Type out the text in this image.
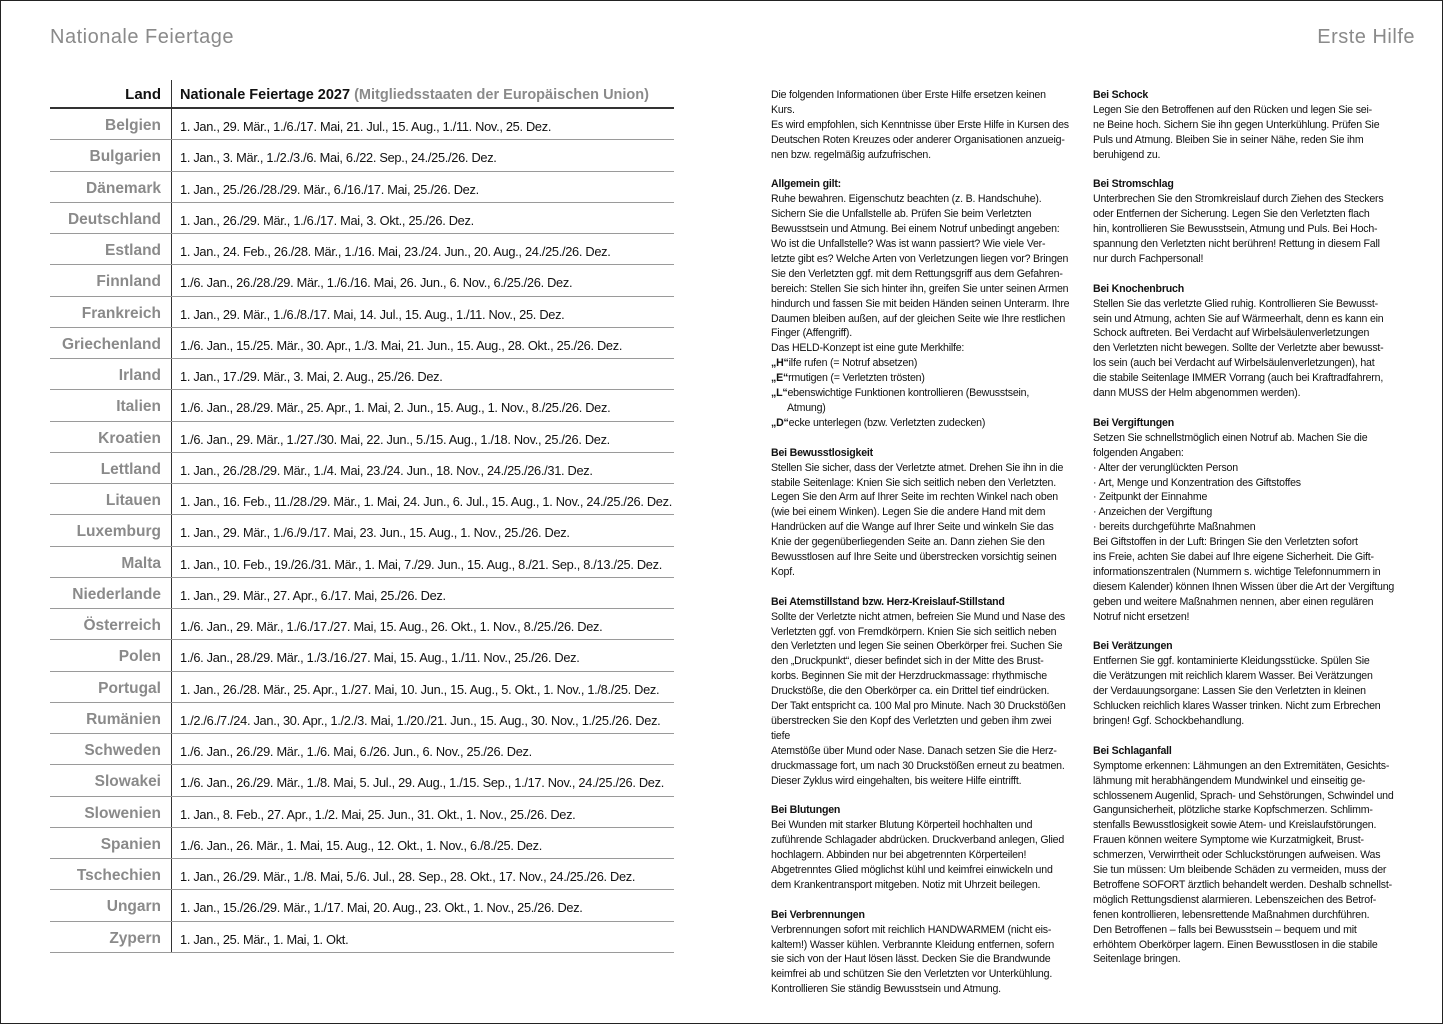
Nationale Feiertage	Erste Hilfe
Land	Nationale Feiertage 2027 (Mitgliedsstaaten der Europäischen Union)
Belgien	1. Jan., 29. Mär., 1./6./17. Mai, 21. Jul., 15. Aug., 1./11. Nov., 25. Dez.
Bulgarien	1. Jan., 3. Mär., 1./2./3./6. Mai, 6./22. Sep., 24./25./26. Dez.
Dänemark	1. Jan., 25./26./28./29. Mär., 6./16./17. Mai, 25./26. Dez.
Deutschland	1. Jan., 26./29. Mär., 1./6./17. Mai, 3. Okt., 25./26. Dez.
Estland	1. Jan., 24. Feb., 26./28. Mär., 1./16. Mai, 23./24. Jun., 20. Aug., 24./25./26. Dez.
Finnland	1./6. Jan., 26./28./29. Mär., 1./6./16. Mai, 26. Jun., 6. Nov., 6./25./26. Dez.
Frankreich	1. Jan., 29. Mär., 1./6./8./17. Mai, 14. Jul., 15. Aug., 1./11. Nov., 25. Dez.
Griechenland	1./6. Jan., 15./25. Mär., 30. Apr., 1./3. Mai, 21. Jun., 15. Aug., 28. Okt., 25./26. Dez.
Irland	1. Jan., 17./29. Mär., 3. Mai, 2. Aug., 25./26. Dez.
Italien	1./6. Jan., 28./29. Mär., 25. Apr., 1. Mai, 2. Jun., 15. Aug., 1. Nov., 8./25./26. Dez.
Kroatien	1./6. Jan., 29. Mär., 1./27./30. Mai, 22. Jun., 5./15. Aug., 1./18. Nov., 25./26. Dez.
Lettland	1. Jan., 26./28./29. Mär., 1./4. Mai, 23./24. Jun., 18. Nov., 24./25./26./31. Dez.
Litauen	1. Jan., 16. Feb., 11./28./29. Mär., 1. Mai, 24. Jun., 6. Jul., 15. Aug., 1. Nov., 24./25./26. Dez.
Luxemburg	1. Jan., 29. Mär., 1./6./9./17. Mai, 23. Jun., 15. Aug., 1. Nov., 25./26. Dez.
Malta	1. Jan., 10. Feb., 19./26./31. Mär., 1. Mai, 7./29. Jun., 15. Aug., 8./21. Sep., 8./13./25. Dez.
Niederlande	1. Jan., 29. Mär., 27. Apr., 6./17. Mai, 25./26. Dez.
Österreich	1./6. Jan., 29. Mär., 1./6./17./27. Mai, 15. Aug., 26. Okt., 1. Nov., 8./25./26. Dez.
Polen	1./6. Jan., 28./29. Mär., 1./3./16./27. Mai, 15. Aug., 1./11. Nov., 25./26. Dez.
Portugal	1. Jan., 26./28. Mär., 25. Apr., 1./27. Mai, 10. Jun., 15. Aug., 5. Okt., 1. Nov., 1./8./25. Dez.
Rumänien	1./2./6./7./24. Jan., 30. Apr., 1./2./3. Mai, 1./20./21. Jun., 15. Aug., 30. Nov., 1./25./26. Dez.
Schweden	1./6. Jan., 26./29. Mär., 1./6. Mai, 6./26. Jun., 6. Nov., 25./26. Dez.
Slowakei	1./6. Jan., 26./29. Mär., 1./8. Mai, 5. Jul., 29. Aug., 1./15. Sep., 1./17. Nov., 24./25./26. Dez.
Slowenien	1. Jan., 8. Feb., 27. Apr., 1./2. Mai, 25. Jun., 31. Okt., 1. Nov., 25./26. Dez.
Spanien	1./6. Jan., 26. Mär., 1. Mai, 15. Aug., 12. Okt., 1. Nov., 6./8./25. Dez.
Tschechien	1. Jan., 26./29. Mär., 1./8. Mai, 5./6. Jul., 28. Sep., 28. Okt., 17. Nov., 24./25./26. Dez.
Ungarn	1. Jan., 15./26./29. Mär., 1./17. Mai, 20. Aug., 23. Okt., 1. Nov., 25./26. Dez.
Zypern	1. Jan., 25. Mär., 1. Mai, 1. Okt.

Die folgenden Informationen über Erste Hilfe ersetzen keinen Kurs.

Es wird empfohlen, sich Kenntnisse über Erste Hilfe in Kursen des

Deutschen Roten Kreuzes oder anderer Organisationen anzueig-

nen bzw. regelmäßig aufzufrischen.

Allgemein gilt:

Ruhe bewahren. Eigenschutz beachten (z. B. Handschuhe).

Sichern Sie die Unfallstelle ab. Prüfen Sie beim Verletzten

Bewusstsein und Atmung. Bei einem Notruf unbedingt angeben:

Wo ist die Unfallstelle? Was ist wann passiert? Wie viele Ver-

letzte gibt es? Welche Arten von Verletzungen liegen vor? Bringen

Sie den Verletzten ggf. mit dem Rettungsgriff aus dem Gefahren-

bereich: Stellen Sie sich hinter ihn, greifen Sie unter seinen Armen

hindurch und fassen Sie mit beiden Händen seinen Unterarm. Ihre

Daumen bleiben außen, auf der gleichen Seite wie Ihre restlichen

Finger (Affengriff).

Das HELD-Konzept ist eine gute Merkhilfe:

„H“ilfe rufen (= Notruf absetzen)

„E“rmutigen (= Verletzten trösten)

„L“ebenswichtige Funktionen kontrollieren (Bewusstsein,

Atmung)

„D“ecke unterlegen (bzw. Verletzten zudecken)

Bei Bewusstlosigkeit

Stellen Sie sicher, dass der Verletzte atmet. Drehen Sie ihn in die

stabile Seitenlage: Knien Sie sich seitlich neben den Verletzten.

Legen Sie den Arm auf Ihrer Seite im rechten Winkel nach oben

(wie bei einem Winken). Legen Sie die andere Hand mit dem

Handrücken auf die Wange auf Ihrer Seite und winkeln Sie das

Knie der gegenüberliegenden Seite an. Dann ziehen Sie den

Bewusstlosen auf Ihre Seite und überstrecken vorsichtig seinen

Kopf.

Bei Atemstillstand bzw. Herz-Kreislauf-Stillstand

Sollte der Verletzte nicht atmen, befreien Sie Mund und Nase des

Verletzten ggf. von Fremdkörpern. Knien Sie sich seitlich neben

den Verletzten und legen Sie seinen Oberkörper frei. Suchen Sie

den „Druckpunkt“, dieser befindet sich in der Mitte des Brust-

korbs. Beginnen Sie mit der Herzdruckmassage: rhythmische

Druckstöße, die den Oberkörper ca. ein Drittel tief eindrücken.

Der Takt entspricht ca. 100 Mal pro Minute. Nach 30 Druckstößen

überstrecken Sie den Kopf des Verletzten und geben ihm zwei tiefe

Atemstöße über Mund oder Nase. Danach setzen Sie die Herz-

druckmassage fort, um nach 30 Druckstößen erneut zu beatmen.

Dieser Zyklus wird eingehalten, bis weitere Hilfe eintrifft.

Bei Blutungen

Bei Wunden mit starker Blutung Körperteil hochhalten und

zuführende Schlagader abdrücken. Druckverband anlegen, Glied

hochlagern. Abbinden nur bei abgetrennten Körperteilen!

Abgetrenntes Glied möglichst kühl und keimfrei einwickeln und

dem Krankentransport mitgeben. Notiz mit Uhrzeit beilegen.

Bei Verbrennungen

Verbrennungen sofort mit reichlich HANDWARMEM (nicht eis-

kaltem!) Wasser kühlen. Verbrannte Kleidung entfernen, sofern

sie sich von der Haut lösen lässt. Decken Sie die Brandwunde

keimfrei ab und schützen Sie den Verletzten vor Unterkühlung.

Kontrollieren Sie ständig Bewusstsein und Atmung.

Bei Schock

Legen Sie den Betroffenen auf den Rücken und legen Sie sei-

ne Beine hoch. Sichern Sie ihn gegen Unterkühlung. Prüfen Sie

Puls und Atmung. Bleiben Sie in seiner Nähe, reden Sie ihm

beruhigend zu.

Bei Stromschlag

Unterbrechen Sie den Stromkreislauf durch Ziehen des Steckers

oder Entfernen der Sicherung. Legen Sie den Verletzten flach

hin, kontrollieren Sie Bewusstsein, Atmung und Puls. Bei Hoch-

spannung den Verletzten nicht berühren! Rettung in diesem Fall

nur durch Fachpersonal!

Bei Knochenbruch

Stellen Sie das verletzte Glied ruhig. Kontrollieren Sie Bewusst-

sein und Atmung, achten Sie auf Wärmeerhalt, denn es kann ein

Schock auftreten. Bei Verdacht auf Wirbelsäulenverletzungen

den Verletzten nicht bewegen. Sollte der Verletzte aber bewusst-

los sein (auch bei Verdacht auf Wirbelsäulenverletzungen), hat

die stabile Seitenlage IMMER Vorrang (auch bei Kraftradfahrern,

dann MUSS der Helm abgenommen werden).

Bei Vergiftungen

Setzen Sie schnellstmöglich einen Notruf ab. Machen Sie die

folgenden Angaben:

· Alter der verunglückten Person

· Art, Menge und Konzentration des Giftstoffes

· Zeitpunkt der Einnahme

· Anzeichen der Vergiftung

· bereits durchgeführte Maßnahmen

Bei Giftstoffen in der Luft: Bringen Sie den Verletzten sofort

ins Freie, achten Sie dabei auf Ihre eigene Sicherheit. Die Gift-

informationszentralen (Nummern s. wichtige Telefonnummern in

diesem Kalender) können Ihnen Wissen über die Art der Vergiftung

geben und weitere Maßnahmen nennen, aber einen regulären

Notruf nicht ersetzen!

Bei Verätzungen

Entfernen Sie ggf. kontaminierte Kleidungsstücke. Spülen Sie

die Verätzungen mit reichlich klarem Wasser. Bei Verätzungen

der Verdauungsorgane: Lassen Sie den Verletzten in kleinen

Schlucken reichlich klares Wasser trinken. Nicht zum Erbrechen

bringen! Ggf. Schockbehandlung.

Bei Schlaganfall

Symptome erkennen: Lähmungen an den Extremitäten, Gesichts-

lähmung mit herabhängendem Mundwinkel und einseitig ge-

schlossenem Augenlid, Sprach- und Sehstörungen, Schwindel und

Gangunsicherheit, plötzliche starke Kopfschmerzen. Schlimm-

stenfalls Bewusstlosigkeit sowie Atem- und Kreislaufstörungen.

Frauen können weitere Symptome wie Kurzatmigkeit, Brust-

schmerzen, Verwirrtheit oder Schluckstörungen aufweisen. Was

Sie tun müssen: Um bleibende Schäden zu vermeiden, muss der

Betroffene SOFORT ärztlich behandelt werden. Deshalb schnellst-

möglich Rettungsdienst alarmieren. Lebenszeichen des Betrof-

fenen kontrollieren, lebensrettende Maßnahmen durchführen.

Den Betroffenen – falls bei Bewusstsein – bequem und mit

erhöhtem Oberkörper lagern. Einen Bewusstlosen in die stabile

Seitenlage bringen.
